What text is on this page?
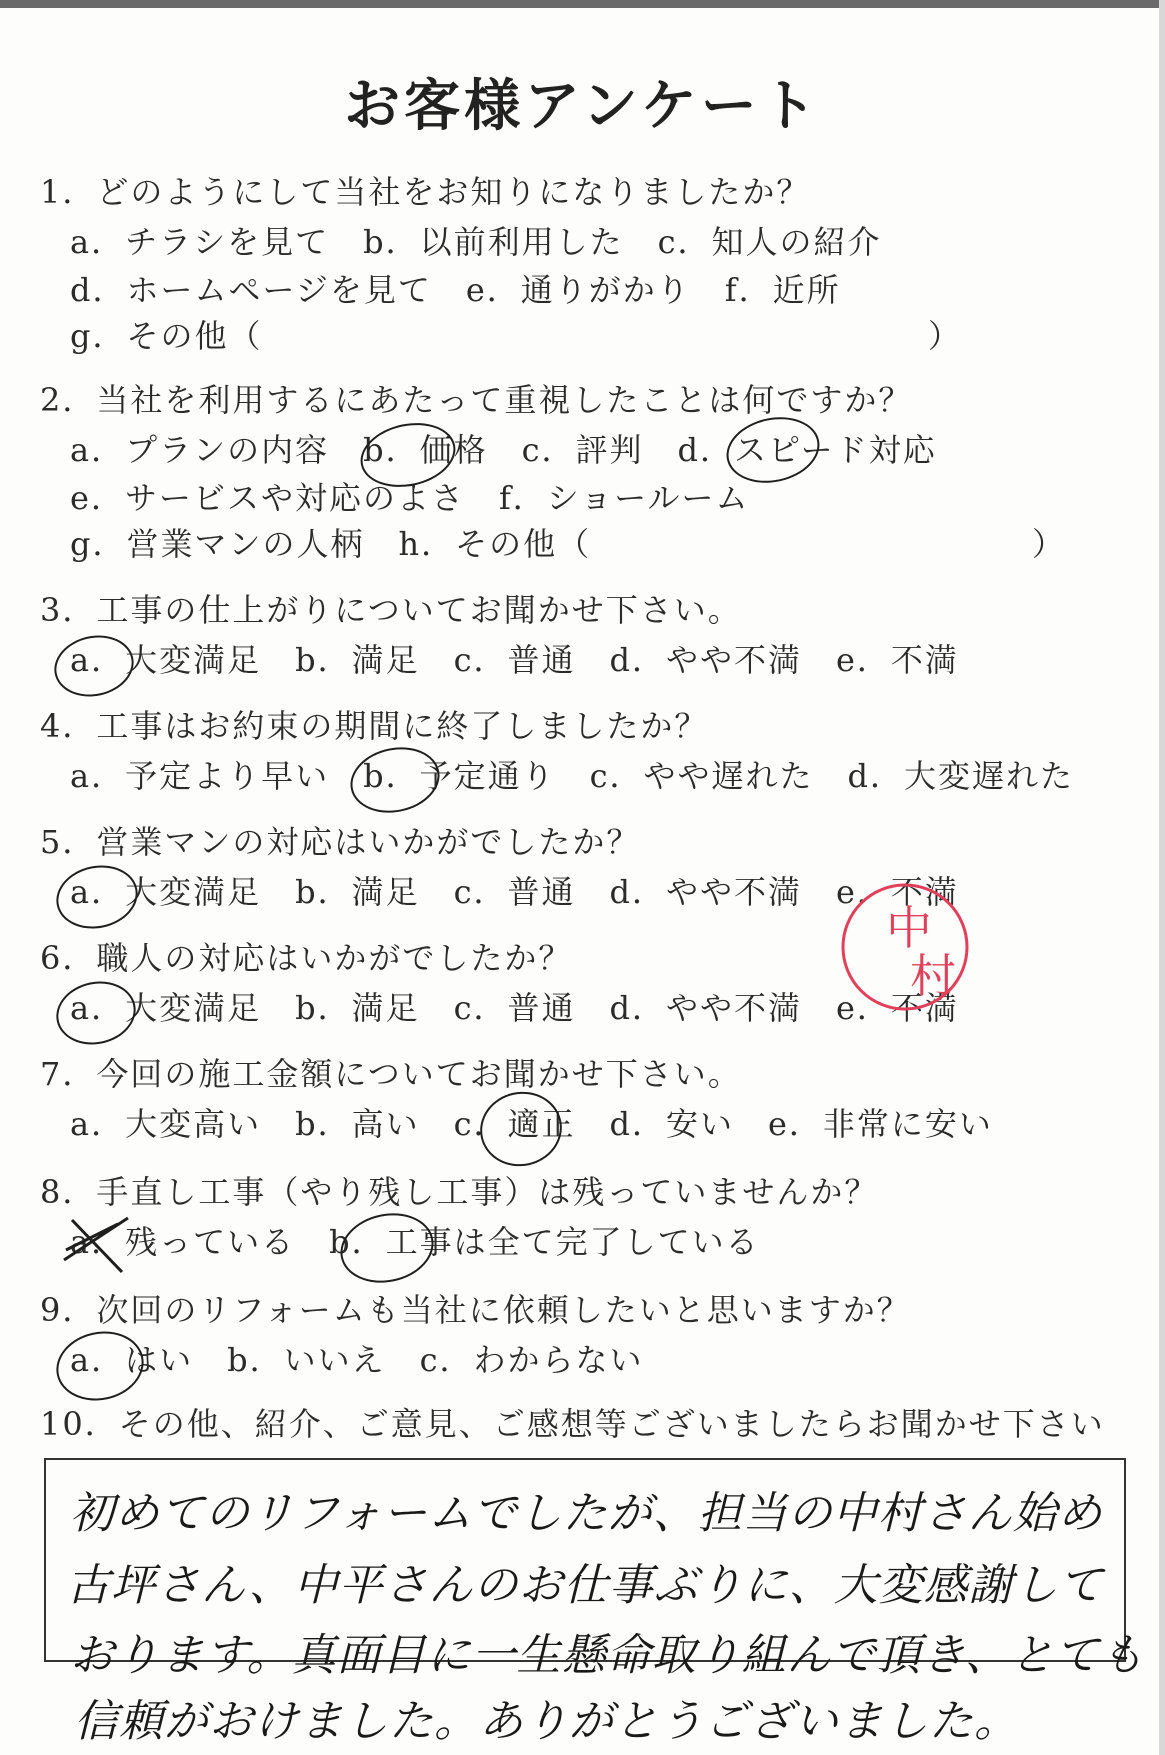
お客様アンケート
1．どのようにして当社をお知りになりましたか？
a．チラシを見て　b．以前利用した　c．知人の紹介
d．ホームページを見て　e．通りがかり　f．近所
g．その他（	）
2．当社を利用するにあたって重視したことは何ですか？
a．プランの内容　b．価格　c．評判　d．スピード対応
e．サービスや対応のよさ　f．ショールーム
g．営業マンの人柄　h．その他（	）
3．工事の仕上がりについてお聞かせ下さい。
a．大変満足　b．満足　c．普通　d．やや不満　e．不満
4．工事はお約束の期間に終了しましたか？
a．予定より早い　b．予定通り　c．やや遅れた　d．大変遅れた
5．営業マンの対応はいかがでしたか？
a．大変満足　b．満足　c．普通　d．やや不満　e．不満
6．職人の対応はいかがでしたか？
a．大変満足　b．満足　c．普通　d．やや不満　e．不満
中
村
7．今回の施工金額についてお聞かせ下さい。
a．大変高い　b．高い　c．適正　d．安い　e．非常に安い
8．手直し工事（やり残し工事）は残っていませんか？
a．残っている　b．工事は全て完了している
9．次回のリフォームも当社に依頼したいと思いますか？
a．はい　b．いいえ　c．わからない
10．その他、紹介、ご意見、ご感想等ございましたらお聞かせ下さい
初めてのリフォームでしたが、担当の中村さん始め
古坪さん、中平さんのお仕事ぶりに、大変感謝して
おります。真面目に一生懸命取り組んで頂き、とても
信頼がおけました。ありがとうございました。
